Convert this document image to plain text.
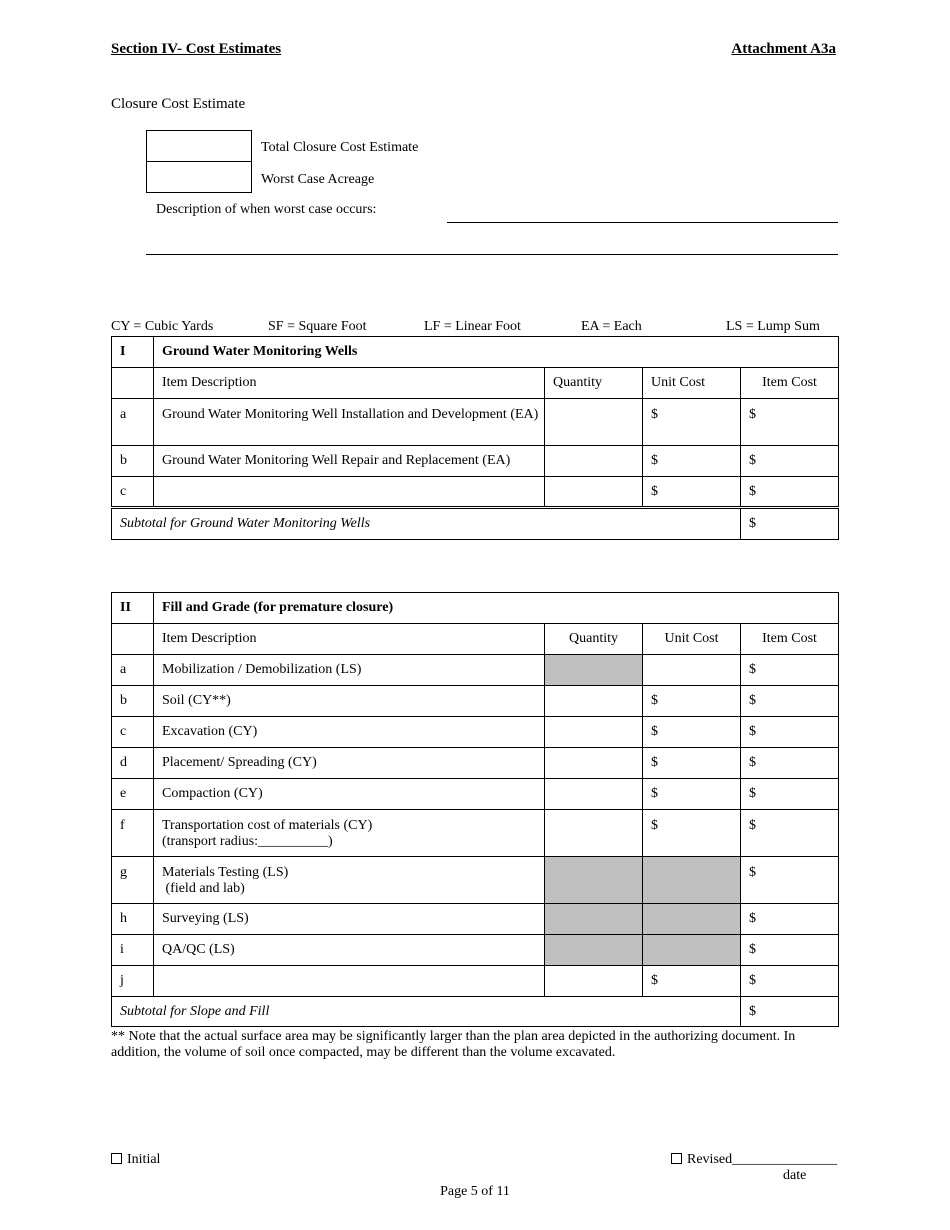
Section IV- Cost Estimates	Attachment A3a
Closure Cost Estimate
Total Closure Cost Estimate
Worst Case Acreage
Description of when worst case occurs:
CY = Cubic Yards	SF = Square Foot	LF = Linear Foot	EA = Each	LS = Lump Sum
I	Ground Water Monitoring Wells			
	Item Description	Quantity	Unit Cost	Item Cost
a	Ground Water Monitoring Well Installation and Development (EA)		$	$
b	Ground Water Monitoring Well Repair and Replacement (EA)		$	$
c			$	$
Subtotal for Ground Water Monitoring Wells				$
II	Fill and Grade (for premature closure)			
	Item Description	Quantity	Unit Cost	Item Cost
a	Mobilization / Demobilization (LS)			$
b	Soil (CY**)		$	$
c	Excavation (CY)		$	$
d	Placement/ Spreading (CY)		$	$
e	Compaction (CY)		$	$
f	Transportation cost of materials (CY)
(transport radius:__________)		$	$
g	Materials Testing (LS)
(field and lab)			$
h	Surveying (LS)			$
i	QA/QC (LS)			$
j			$	$
Subtotal for Slope and Fill				$
** Note that the actual surface area may be significantly larger than the plan area depicted in the authorizing document. In addition, the volume of soil once compacted, may be different than the volume excavated.
Initial	Revised_______________
date
Page 5 of 11
